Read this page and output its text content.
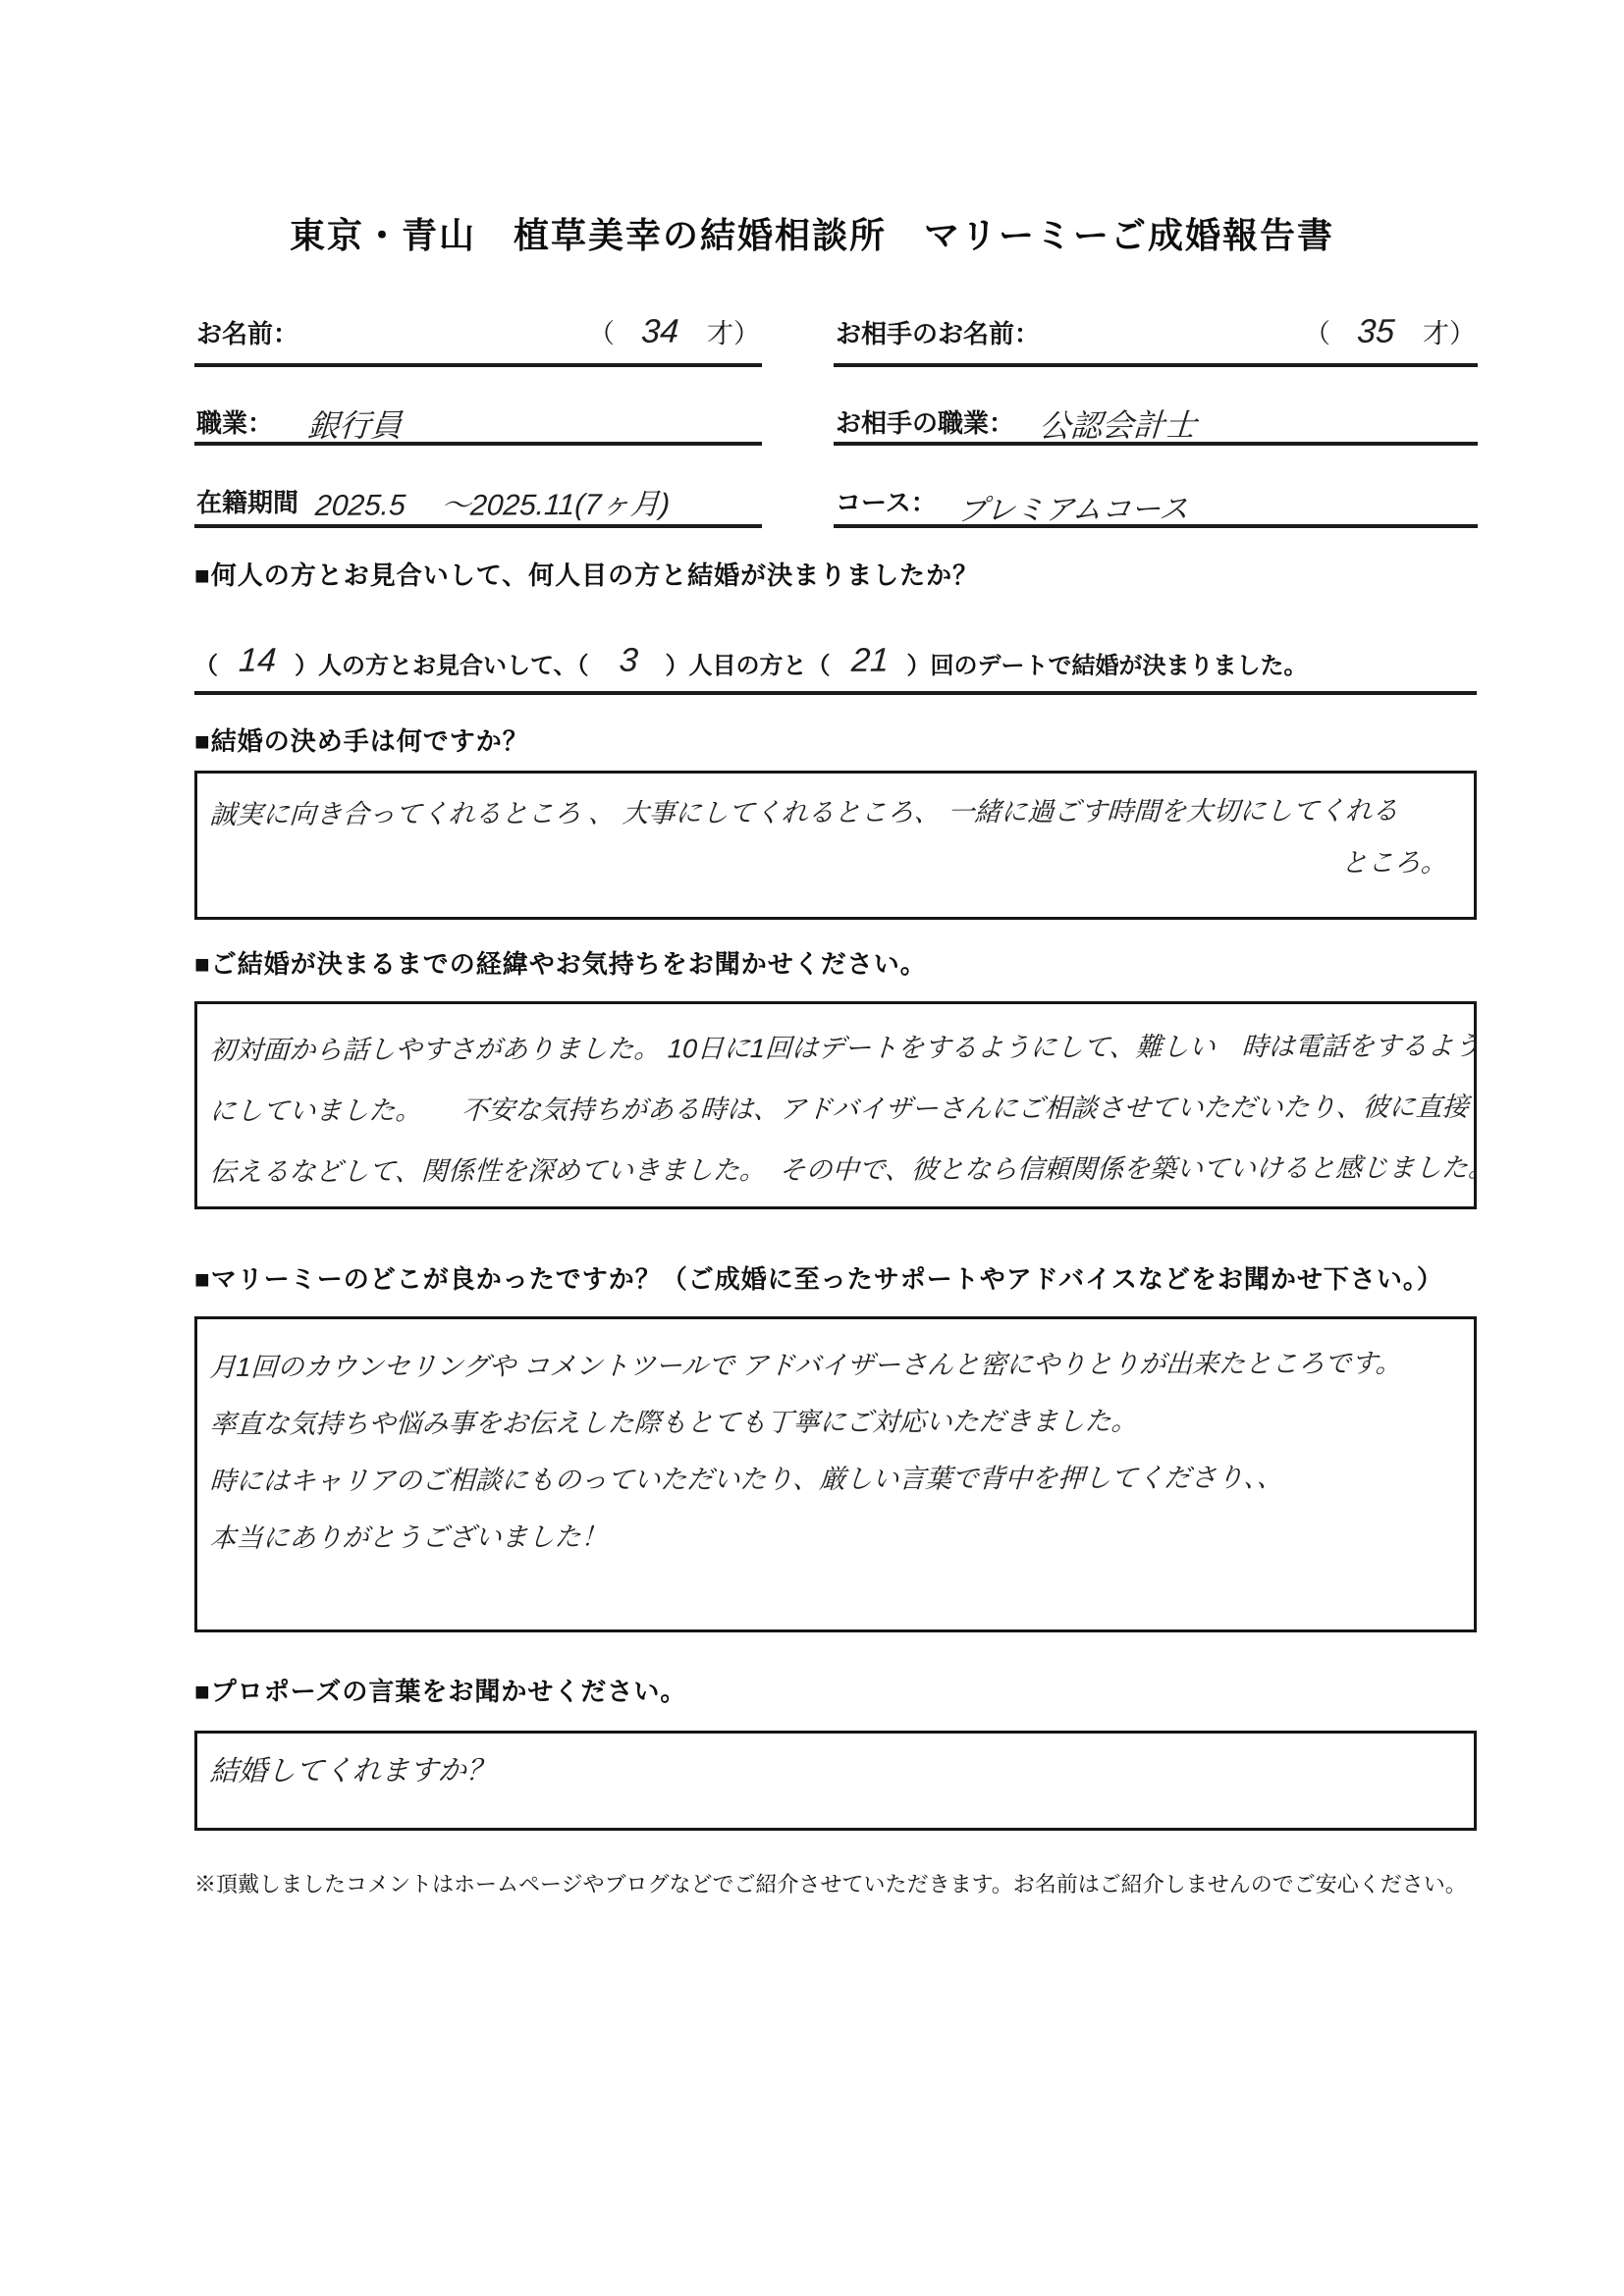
東京・青山　植草美幸の結婚相談所　マリーミーご成婚報告書
お名前：	（ 34	才）	お相手のお名前：	（ 35	才）
職業： 銀行員	お相手の職業： 公認会計士
在籍期間 2025.5 ～2025.11(7ヶ月)	コース： プレミアムコース
■何人の方とお見合いして、何人目の方と結婚が決まりましたか？
（ 14 ）人の方とお見合いして、（ 3	）人目の方と（ 21 ）回のデートで結婚が決まりました。
■結婚の決め手は何ですか？
誠実に向き合ってくれるところ 、 大事にしてくれるところ、 一緒に過ごす時間を大切にしてくれる
ところ。
■ご結婚が決まるまでの経緯やお気持ちをお聞かせください。
初対面から話しやすさがありました。 10日に1回はデートをするようにして、難しい　時は電話をするよう
にしていました。　　不安な気持ちがある時は、アドバイザーさんにご相談させていただいたり、彼に直接
伝えるなどして、関係性を深めていきました。　その中で、彼となら信頼関係を築いていけると感じました。
■マリーミーのどこが良かったですか？（ご成婚に至ったサポートやアドバイスなどをお聞かせ下さい。）
月1回のカウンセリングや コメントツールで アドバイザーさんと密にやりとりが出来たところです。
率直な気持ちや悩み事をお伝えした際もとても丁寧にご対応いただきました。
時にはキャリアのご相談にものっていただいたり、厳しい言葉で背中を押してくださり、、
本当にありがとうございました！
■プロポーズの言葉をお聞かせください。
結婚してくれますか？
※頂戴しましたコメントはホームページやブログなどでご紹介させていただきます。お名前はご紹介しませんのでご安心ください。
